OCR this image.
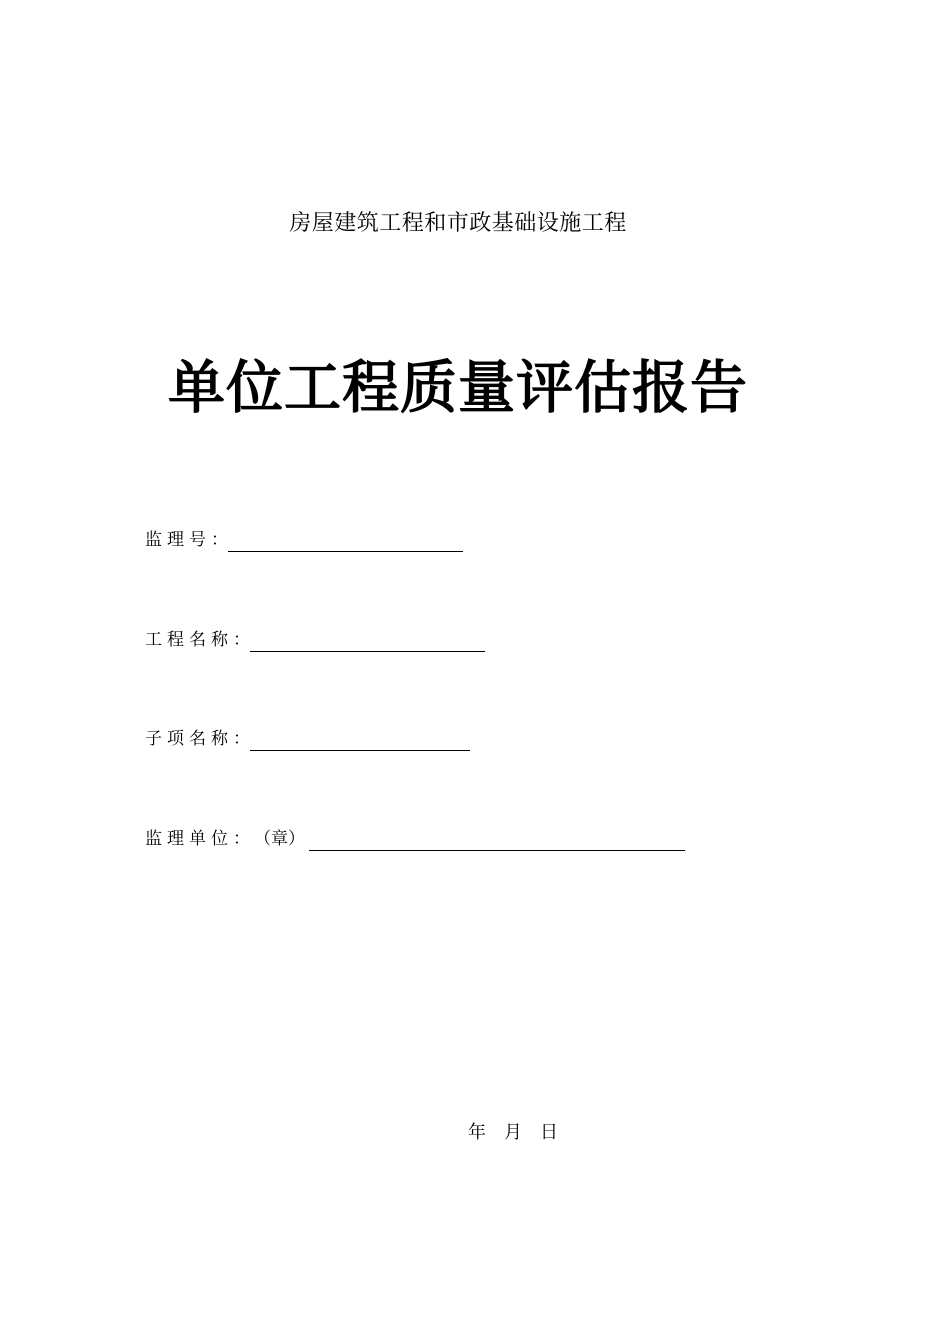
房屋建筑工程和市政基础设施工程
单位工程质量评估报告
监理号 ：
工程名称 ：
子项名称 ：
监理单位 ： （章）
年 月 日
